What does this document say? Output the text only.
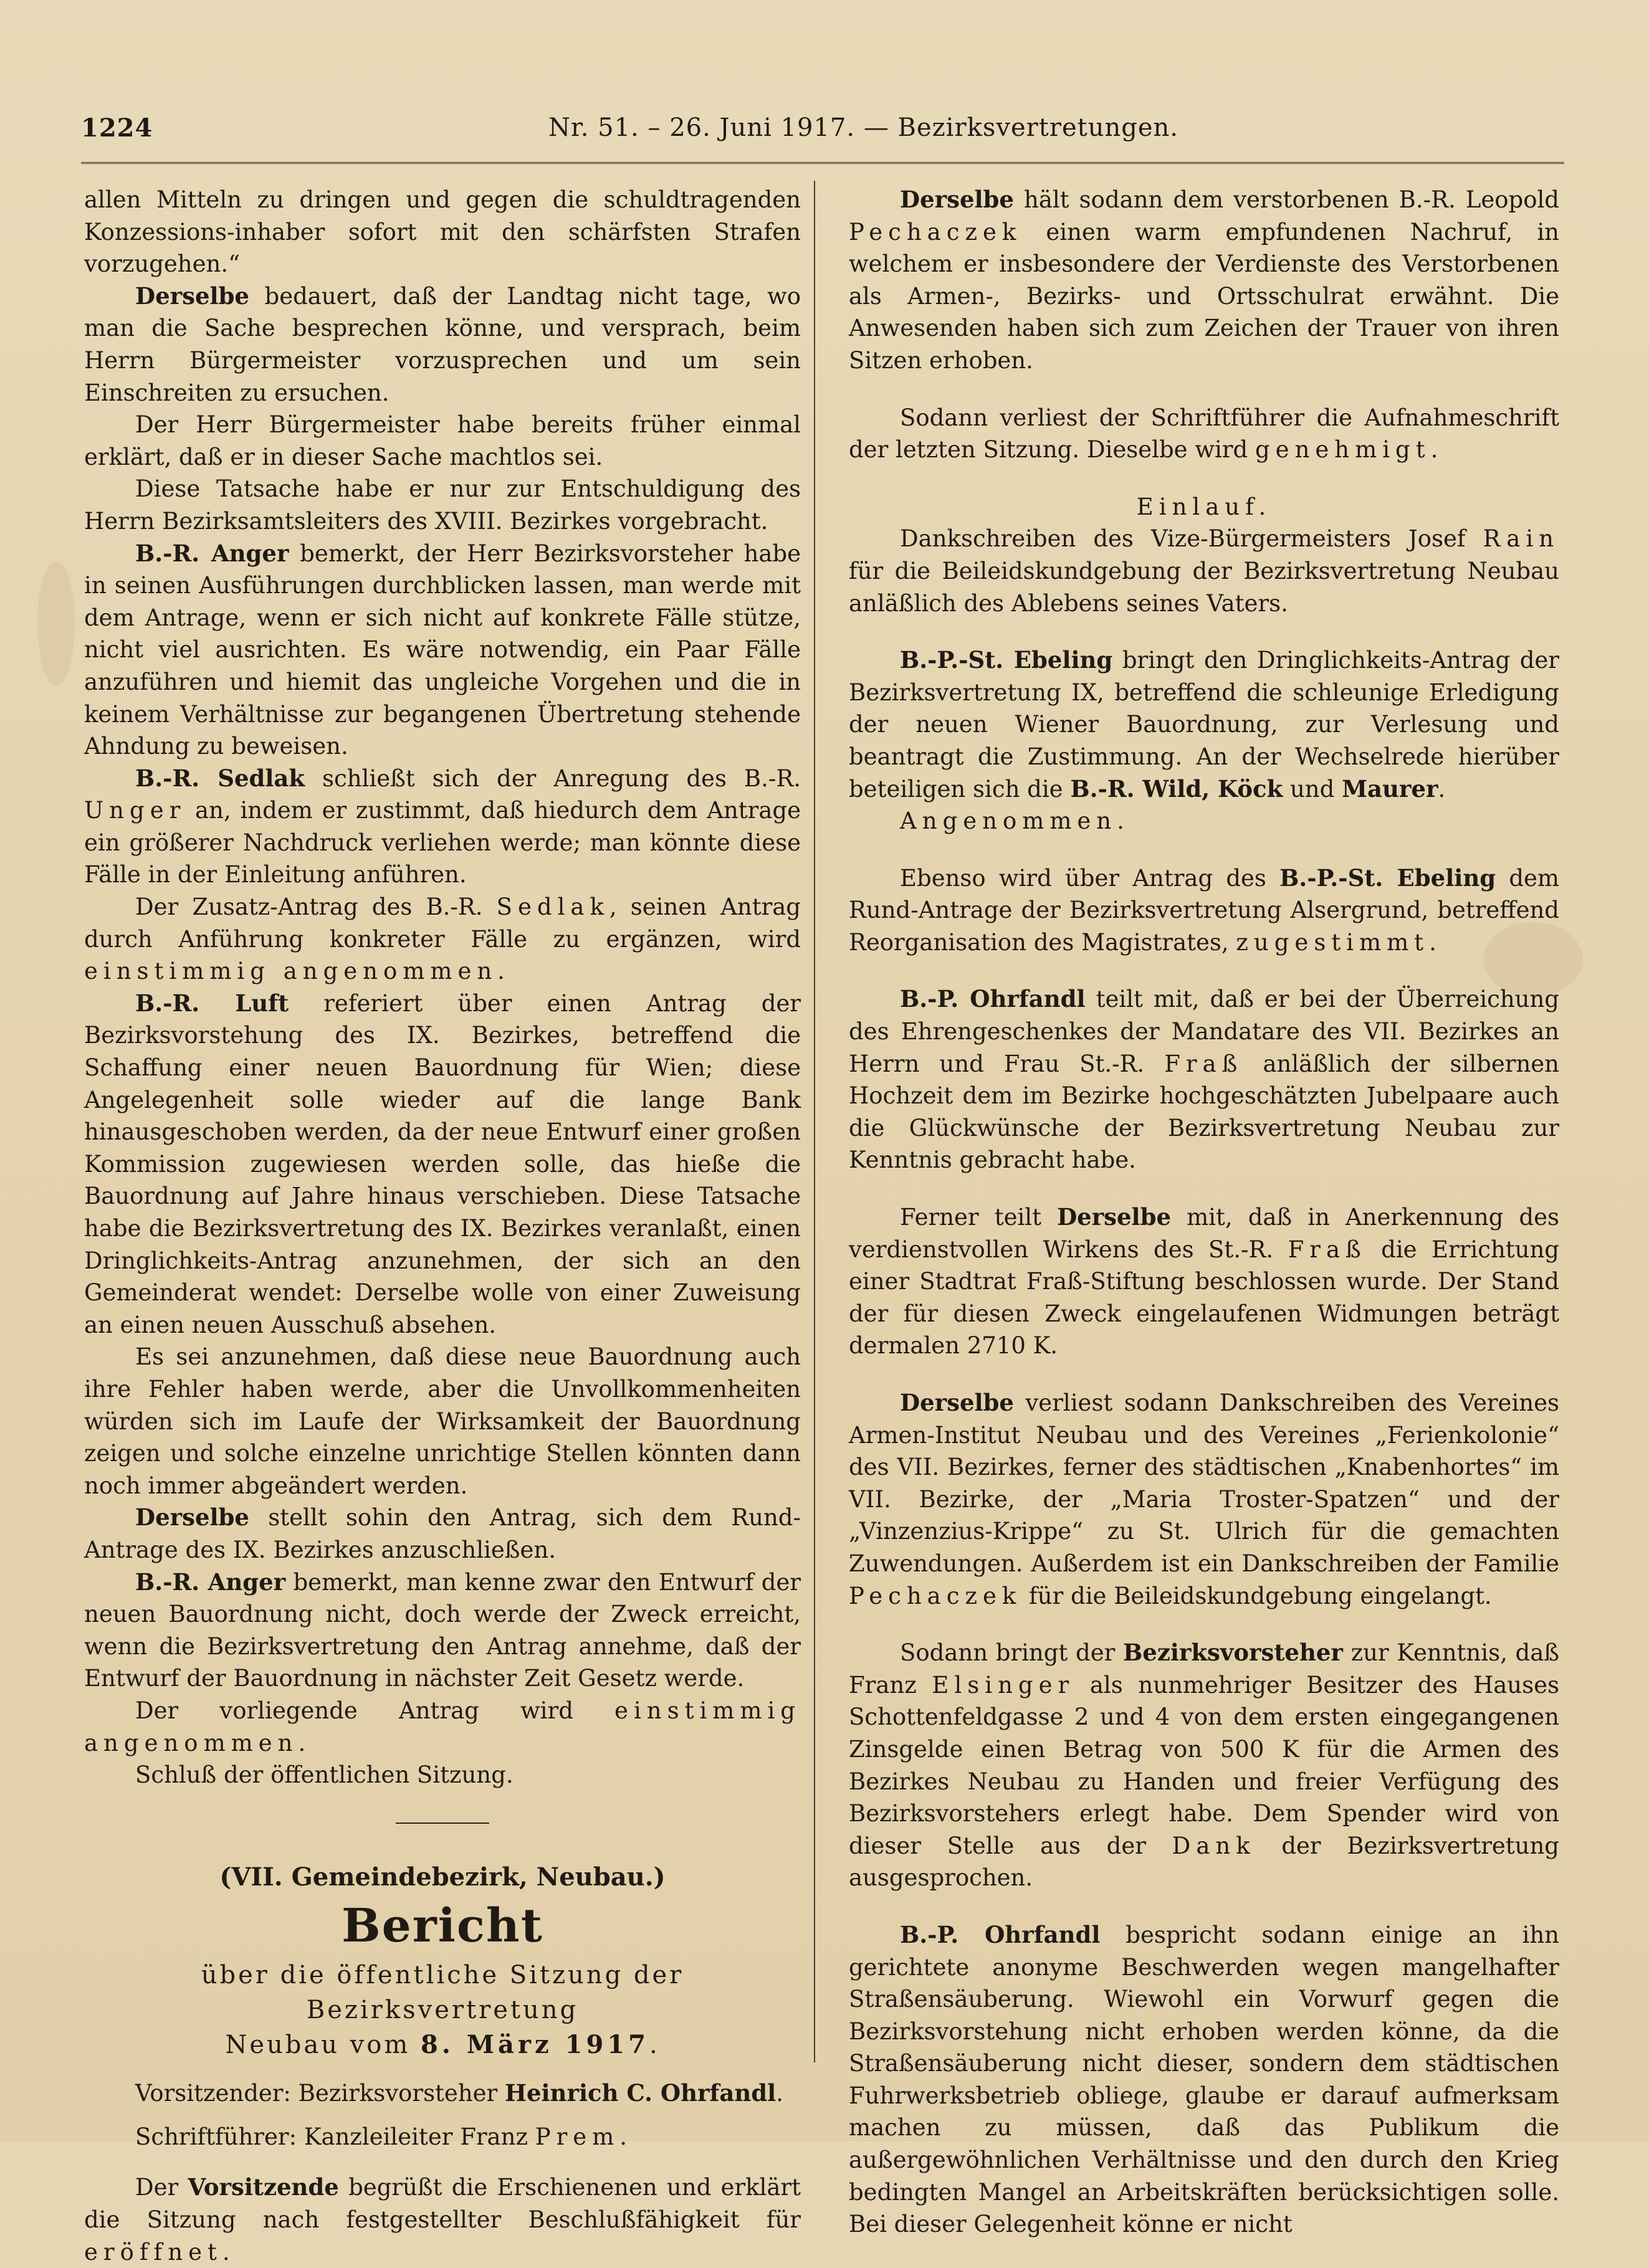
1224	Nr. 51. – 26. Juni 1917. — Bezirksvertretungen.

allen Mitteln zu dringen und gegen die schuldtragenden Konzessions-inhaber sofort mit den schärfsten Strafen vorzugehen.“

Derselbe bedauert, daß der Landtag nicht tage, wo man die Sache besprechen könne, und versprach, beim Herrn Bürgermeister vorzusprechen und um sein Einschreiten zu ersuchen.

Der Herr Bürgermeister habe bereits früher einmal erklärt, daß er in dieser Sache machtlos sei.

Diese Tatsache habe er nur zur Entschuldigung des Herrn Bezirksamtsleiters des XVIII. Bezirkes vorgebracht.

B.-R. Anger bemerkt, der Herr Bezirksvorsteher habe in seinen Ausführungen durchblicken lassen, man werde mit dem Antrage, wenn er sich nicht auf konkrete Fälle stütze, nicht viel ausrichten. Es wäre notwendig, ein Paar Fälle anzuführen und hiemit das ungleiche Vorgehen und die in keinem Verhältnisse zur begangenen Übertretung stehende Ahndung zu beweisen.

B.-R. Sedlak schließt sich der Anregung des B.-R. Unger an, indem er zustimmt, daß hiedurch dem Antrage ein größerer Nachdruck verliehen werde; man könnte diese Fälle in der Einleitung anführen.

Der Zusatz-Antrag des B.-R. Sedlak, seinen Antrag durch Anführung konkreter Fälle zu ergänzen, wird einstimmig angenommen.

B.-R. Luft referiert über einen Antrag der Bezirksvorstehung des IX. Bezirkes, betreffend die Schaffung einer neuen Bauordnung für Wien; diese Angelegenheit solle wieder auf die lange Bank hinausgeschoben werden, da der neue Entwurf einer großen Kommission zugewiesen werden solle, das hieße die Bauordnung auf Jahre hinaus verschieben. Diese Tatsache habe die Bezirksvertretung des IX. Bezirkes veranlaßt, einen Dringlichkeits-Antrag anzunehmen, der sich an den Gemeinderat wendet: Derselbe wolle von einer Zuweisung an einen neuen Ausschuß absehen.

Es sei anzunehmen, daß diese neue Bauordnung auch ihre Fehler haben werde, aber die Unvollkommenheiten würden sich im Laufe der Wirksamkeit der Bauordnung zeigen und solche einzelne unrichtige Stellen könnten dann noch immer abgeändert werden.

Derselbe stellt sohin den Antrag, sich dem Rund-Antrage des IX. Bezirkes anzuschließen.

B.-R. Anger bemerkt, man kenne zwar den Entwurf der neuen Bauordnung nicht, doch werde der Zweck erreicht, wenn die Bezirksvertretung den Antrag annehme, daß der Entwurf der Bauordnung in nächster Zeit Gesetz werde.

Der vorliegende Antrag wird einstimmig angenommen.

Schluß der öffentlichen Sitzung.

(VII. Gemeindebezirk, Neubau.)
Bericht
über die öffentliche Sitzung der Bezirksvertretung
Neubau vom 8. März 1917.

Vorsitzender: Bezirksvorsteher Heinrich C. Ohrfandl.

Schriftführer: Kanzleileiter Franz Prem.

Der Vorsitzende begrüßt die Erschienenen und erklärt die Sitzung nach festgestellter Beschlußfähigkeit für eröffnet.

Derselbe hält sodann dem verstorbenen B.-R. Leopold Pechaczek einen warm empfundenen Nachruf, in welchem er insbesondere der Verdienste des Verstorbenen als Armen-, Bezirks- und Ortsschulrat erwähnt. Die Anwesenden haben sich zum Zeichen der Trauer von ihren Sitzen erhoben.

Sodann verliest der Schriftführer die Aufnahmeschrift der letzten Sitzung. Dieselbe wird genehmigt.

Einlauf.

Dankschreiben des Vize-Bürgermeisters Josef Rain für die Beileidskundgebung der Bezirksvertretung Neubau anläßlich des Ablebens seines Vaters.

B.-P.-St. Ebeling bringt den Dringlichkeits-Antrag der Bezirksvertretung IX, betreffend die schleunige Erledigung der neuen Wiener Bauordnung, zur Verlesung und beantragt die Zustimmung. An der Wechselrede hierüber beteiligen sich die B.-R. Wild, Köck und Maurer.

Angenommen.

Ebenso wird über Antrag des B.-P.-St. Ebeling dem Rund-Antrage der Bezirksvertretung Alsergrund, betreffend Reorganisation des Magistrates, zugestimmt.

B.-P. Ohrfandl teilt mit, daß er bei der Überreichung des Ehrengeschenkes der Mandatare des VII. Bezirkes an Herrn und Frau St.-R. Fraß anläßlich der silbernen Hochzeit dem im Bezirke hochgeschätzten Jubelpaare auch die Glückwünsche der Bezirksvertretung Neubau zur Kenntnis gebracht habe.

Ferner teilt Derselbe mit, daß in Anerkennung des verdienstvollen Wirkens des St.-R. Fraß die Errichtung einer Stadtrat Fraß-Stiftung beschlossen wurde. Der Stand der für diesen Zweck eingelaufenen Widmungen beträgt dermalen 2710 K.

Derselbe verliest sodann Dankschreiben des Vereines Armen-Institut Neubau und des Vereines „Ferienkolonie“ des VII. Bezirkes, ferner des städtischen „Knabenhortes“ im VII. Bezirke, der „Maria Troster-Spatzen“ und der „Vinzenzius-Krippe“ zu St. Ulrich für die gemachten Zuwendungen. Außerdem ist ein Dankschreiben der Familie Pechaczek für die Beileidskundgebung eingelangt.

Sodann bringt der Bezirksvorsteher zur Kenntnis, daß Franz Elsinger als nunmehriger Besitzer des Hauses Schottenfeldgasse 2 und 4 von dem ersten eingegangenen Zinsgelde einen Betrag von 500 K für die Armen des Bezirkes Neubau zu Handen und freier Verfügung des Bezirksvorstehers erlegt habe. Dem Spender wird von dieser Stelle aus der Dank der Bezirksvertretung ausgesprochen.

B.-P. Ohrfandl bespricht sodann einige an ihn gerichtete anonyme Beschwerden wegen mangelhafter Straßensäuberung. Wiewohl ein Vorwurf gegen die Bezirksvorstehung nicht erhoben werden könne, da die Straßensäuberung nicht dieser, sondern dem städtischen Fuhrwerksbetrieb obliege, glaube er darauf aufmerksam machen zu müssen, daß das Publikum die außergewöhnlichen Verhältnisse und den durch den Krieg bedingten Mangel an Arbeitskräften berücksichtigen solle. Bei dieser Gelegenheit könne er nicht
